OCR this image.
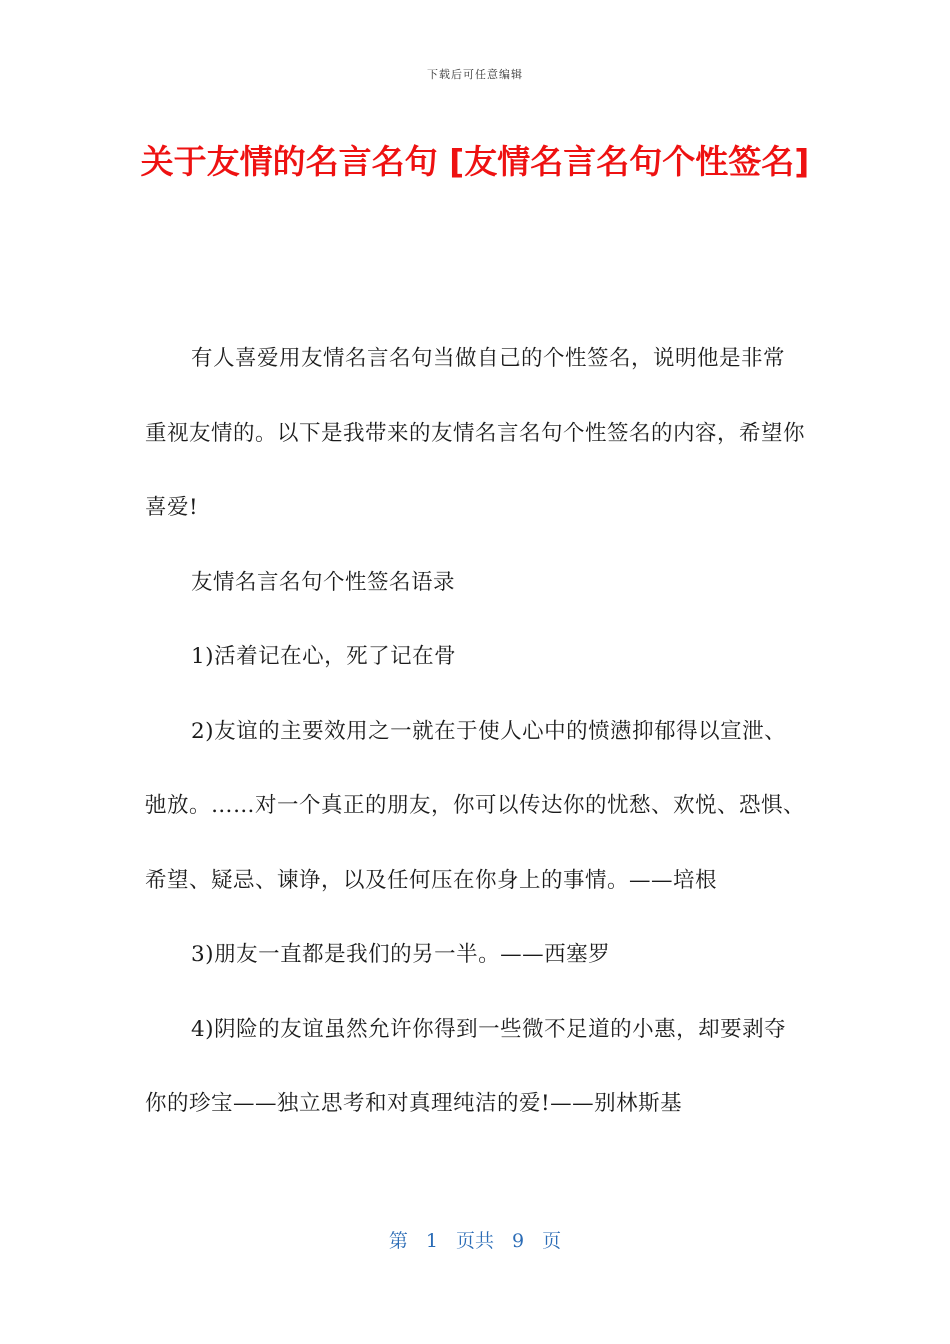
下载后可任意编辑
关于友情的名言名句 [友情名言名句个性签名]

有人喜爱用友情名言名句当做自己的个性签名，说明他是非常重视友情的。以下是我带来的友情名言名句个性签名的内容，希望你喜爱!

友情名言名句个性签名语录

1)活着记在心，死了记在骨

2)友谊的主要效用之一就在于使人心中的愤懑抑郁得以宣泄、弛放。……对一个真正的朋友，你可以传达你的忧愁、欢悦、恐惧、希望、疑忌、谏诤，以及任何压在你身上的事情。——培根

3)朋友一直都是我们的另一半。——西塞罗

4)阴险的友谊虽然允许你得到一些微不足道的小惠，却要剥夺你的珍宝——独立思考和对真理纯洁的爱!——别林斯基

第 1 页共 9 页
